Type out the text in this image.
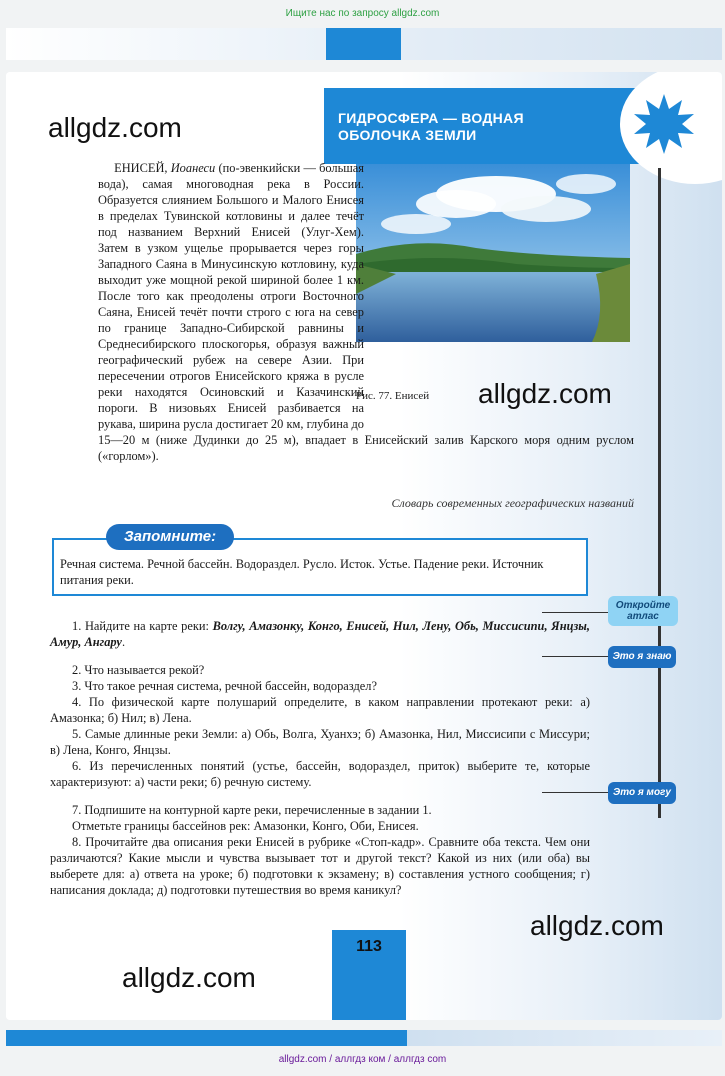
Ищите нас по запросу allgdz.com
ГИДРОСФЕРА — ВОДНАЯ
ОБОЛОЧКА ЗЕМЛИ
allgdz.com
Рис. 77. Енисей allgdz.com

ЕНИСЕЙ, Иоанеси (по-эвенкийски — большая вода), самая многоводная река в России. Образуется слиянием Большого и Малого Енисея в пределах Тувинской котловины и далее течёт под названием Верхний Енисей (Улуг-Хем). Затем в узком ущелье прорывается через горы Западного Саяна в Минусинскую котловину, куда выходит уже мощной рекой шириной более 1 км. После того как преодолены отроги Восточного Саяна, Енисей течёт почти строго с юга на север по границе Западно-Сибирской равнины и Среднесибирского плоскогорья, образуя важный географический рубеж на севере Азии. При пересечении отрогов Енисейского кряжа в русле реки находятся Осиновский и Казачинский пороги. В низовьях Енисей разбивается на рукава, ширина русла достигает 20 км, глубина до 15—20 м (ниже Дудинки до 25 м), впадает в Енисейский залив Карского моря одним руслом («горлом»).

Словарь современных географических названий
Запомните:
Речная система. Речной бассейн. Водораздел. Русло. Исток. Устье. Падение реки. Источник питания реки.
Откройте атлас
Это я знаю
Это я могу

1. Найдите на карте реки: Волгу, Амазонку, Конго, Енисей, Нил, Лену, Обь, Миссисипи, Янцзы, Амур, Ангару.

2. Что называется рекой?

3. Что такое речная система, речной бассейн, водораздел?

4. По физической карте полушарий определите, в каком направлении протекают реки: а) Амазонка; б) Нил; в) Лена.

5. Самые длинные реки Земли: а) Обь, Волга, Хуанхэ; б) Амазонка, Нил, Миссисипи с Миссури; в) Лена, Конго, Янцзы.

6. Из перечисленных понятий (устье, бассейн, водораздел, приток) выберите те, которые характеризуют: а) части реки; б) речную систему.

7. Подпишите на контурной карте реки, перечисленные в задании 1.

Отметьте границы бассейнов рек: Амазонки, Конго, Оби, Енисея.

8. Прочитайте два описания реки Енисей в рубрике «Стоп-кадр». Сравните оба текста. Чем они различаются? Какие мысли и чувства вызывает тот и другой текст? Какой из них (или оба) вы выберете для: а) ответа на уроке; б) подготовки к экзамену; в) составления устного сообщения; г) написания доклада; д) подготовки путешествия во время каникул?

allgdz.com
allgdz.com
113
allgdz.com / аллгдз ком / аллгдз com
